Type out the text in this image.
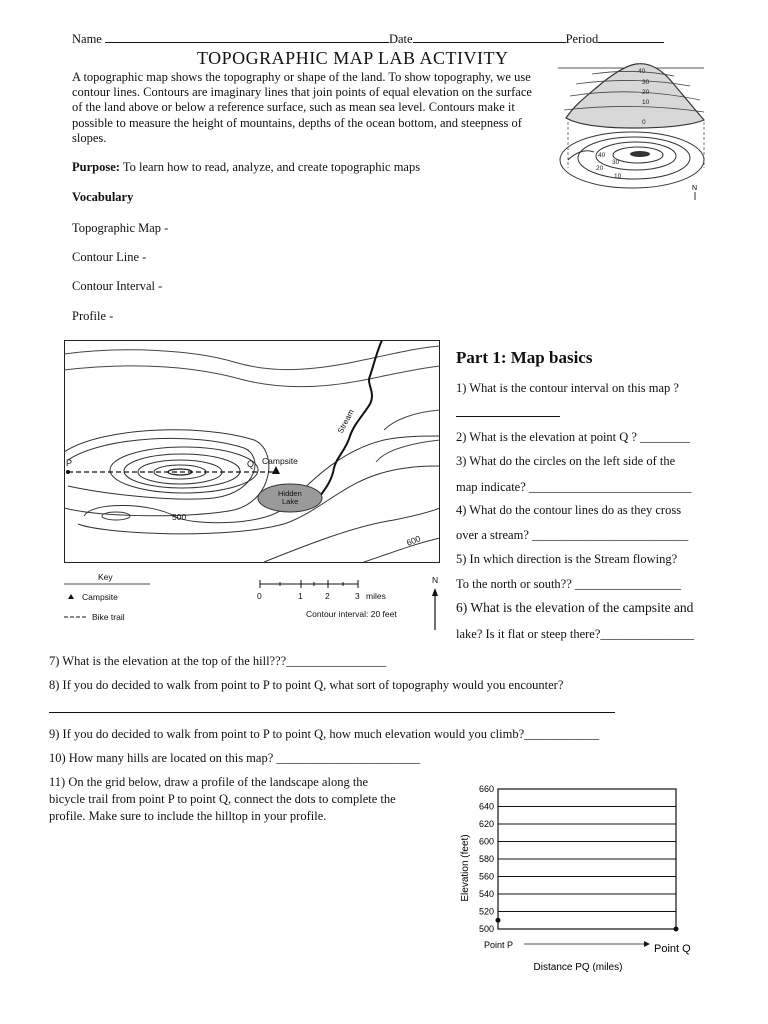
Name	Date	Period
TOPOGRAPHIC MAP LAB ACTIVITY
A topographic map shows the topography or shape of the land. To show topography, we use contour lines. Contours are imaginary lines that join points of equal elevation on the surface of the land above or below a reference surface, such as mean sea level. Contours make it possible to measure the height of mountains, depths of the ocean bottom, and steepness of slopes.
Purpose: To learn how to read, analyze, and create topographic maps
Vocabulary
Topographic Map -
Contour Line -
Contour Interval -
Profile -
40
30
20
10
0
40
30
20
10
N
P	Q Campsite
Hidden
Lake
500
600
Stream
Key
Campsite
Bike trail
0	1	2	3 miles
Contour interval: 20 feet
N
Part 1: Map basics
1) What is the contour interval on this map ?
2) What is the elevation at point Q ? ________
3) What do the circles on the left side of the
map indicate? __________________________
4) What do the contour lines do as they cross
over a stream? _________________________
5) In which direction is the Stream flowing?
To the north or south?? _________________
6) What is the elevation of the campsite and
lake? Is it flat or steep there?_______________
7) What is the elevation at the top of the hill???________________
8) If you do decided to walk from point to P to point Q, what sort of topography would you encounter?
9) If you do decided to walk from point to P to point Q, how much elevation would you climb?____________
10) How many hills are located on this map? _______________________
11) On the grid below, draw a profile of the landscape along the
bicycle trail from point P to point Q, connect the dots to complete the
profile. Make sure to include the hilltop in your profile.
500
520
540
560
580
600
620
640
660
Elevation (feet)
Point P	Point Q
Distance PQ (miles)
